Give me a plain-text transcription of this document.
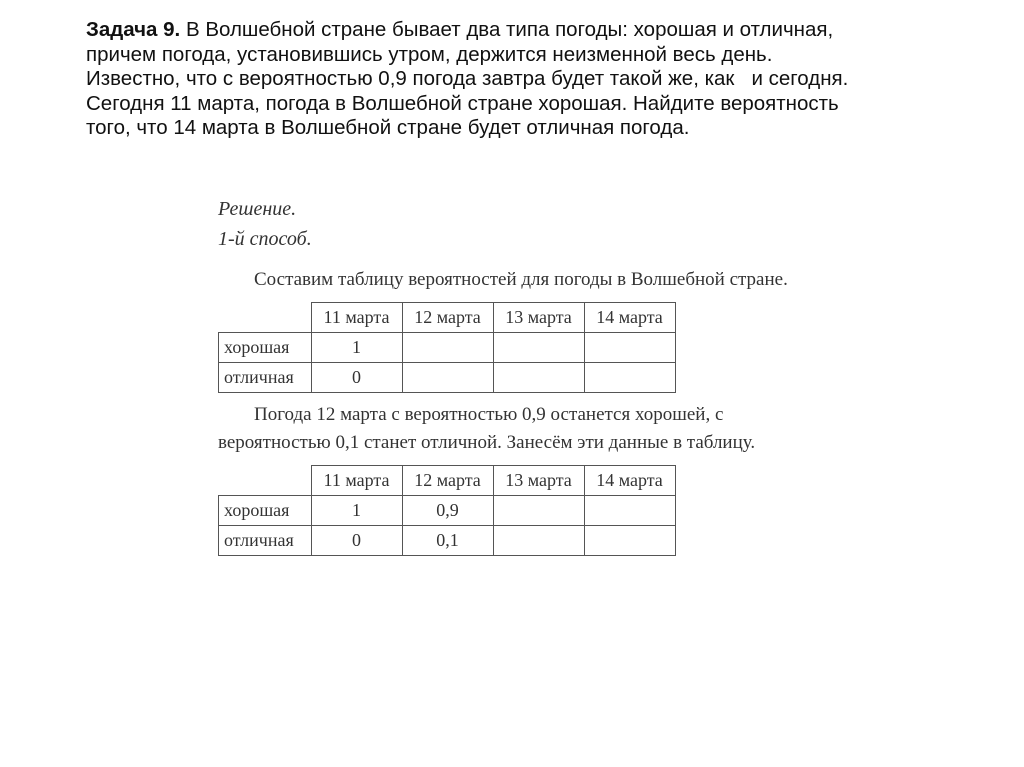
Задача 9. В Волшебной стране бывает два типа погоды: хорошая и отличная,
причем погода, установившись утром, держится неизменной весь день.
Известно, что с вероятностью 0,9 погода завтра будет такой же, как   и сегодня.
Сегодня 11 марта, погода в Волшебной стране хорошая. Найдите вероятность
того, что 14 марта в Волшебной стране будет отличная погода.

Решение.

1-й способ.

Составим таблицу вероятностей для погоды в Волшебной стране.

	11 марта	12 марта	13 марта	14 марта
хорошая	1			
отличная	0			

Погода 12 марта с вероятностью 0,9 останется хорошей, с вероятностью 0,1 станет отличной. Занесём эти данные в таблицу.

	11 марта	12 марта	13 марта	14 марта
хорошая	1	0,9		
отличная	0	0,1		
